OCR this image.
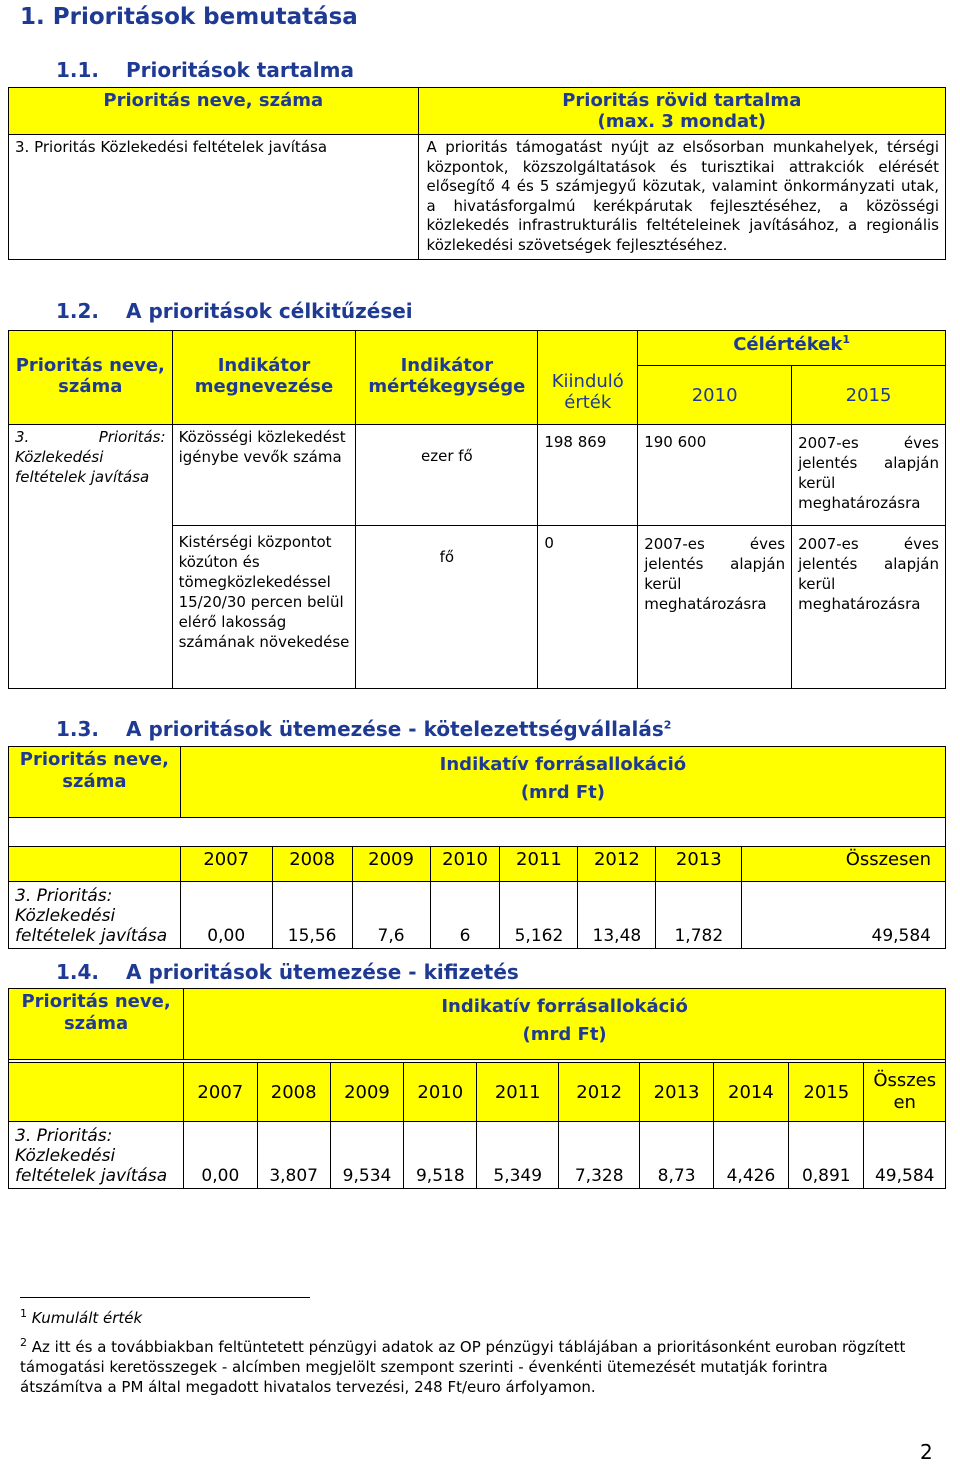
1. Prioritások bemutatása
1.1. Prioritások tartalma
Prioritás neve, száma	Prioritás rövid tartalma
(max. 3 mondat)

3. Prioritás Közlekedési feltételek javítása	A prioritás támogatást nyújt az elsősorban munkahelyek, térségi központok, közszolgáltatások és turisztikai attrakciók elérését elősegítő 4 és 5 számjegyű közutak, valamint önkormányzati utak, a hivatásforgalmú kerékpárutak fejlesztéséhez, a közösségi közlekedés infrastrukturális feltételeinek javításához, a regionális közlekedési szövetségek fejlesztéséhez.
1.2. A prioritások célkitűzései
Prioritás neve, száma	Indikátor megnevezése	Indikátor mértékegysége	Kiinduló érték	Célértékek$^1$
				2010	2015
3. Prioritás: Közlekedési feltételek javítása	Közösségi közlekedést igénybe vevők száma	ezer fő	198 869	190 600	2007-es éves jelentés alapján kerül meghatározásra
	Kistérségi központot közúton és tömegközlekedéssel 15/20/30 percen belül elérő lakosság számának növekedése	fő	0	2007-es éves jelentés alapján kerül meghatározásra	2007-es éves jelentés alapján kerül meghatározásra
1.3. A prioritások ütemezése - kötelezettségvállalás$^2$
Prioritás neve, száma	Indikatív forrásallokáció
(mrd Ft)							

	2007	2008	2009	2010	2011	2012	2013	Összesen

3. Prioritás:
Közlekedési
feltételek javítása	0,00	15,56	7,6	6	5,162	13,48	1,782	49,584
1.4. A prioritások ütemezése - kifizetés
Prioritás neve, száma	Indikatív forrásallokáció
(mrd Ft)									

	2007	2008	2009	2010	2011	2012	2013	2014	2015	Összes en

3. Prioritás:
Közlekedési
feltételek javítása	0,00	3,807	9,534	9,518	5,349	7,328	8,73	4,426	0,891	49,584
$^1$ Kumulált érték
$^2$ Az itt és a továbbiakban feltüntetett pénzügyi adatok az OP pénzügyi táblájában a prioritásonként euroban rögzített támogatási keretösszegek - alcímben megjelölt szempont szerinti - évenkénti ütemezését mutatják forintra átszámítva a PM által megadott hivatalos tervezési, 248 Ft/euro árfolyamon.
2
